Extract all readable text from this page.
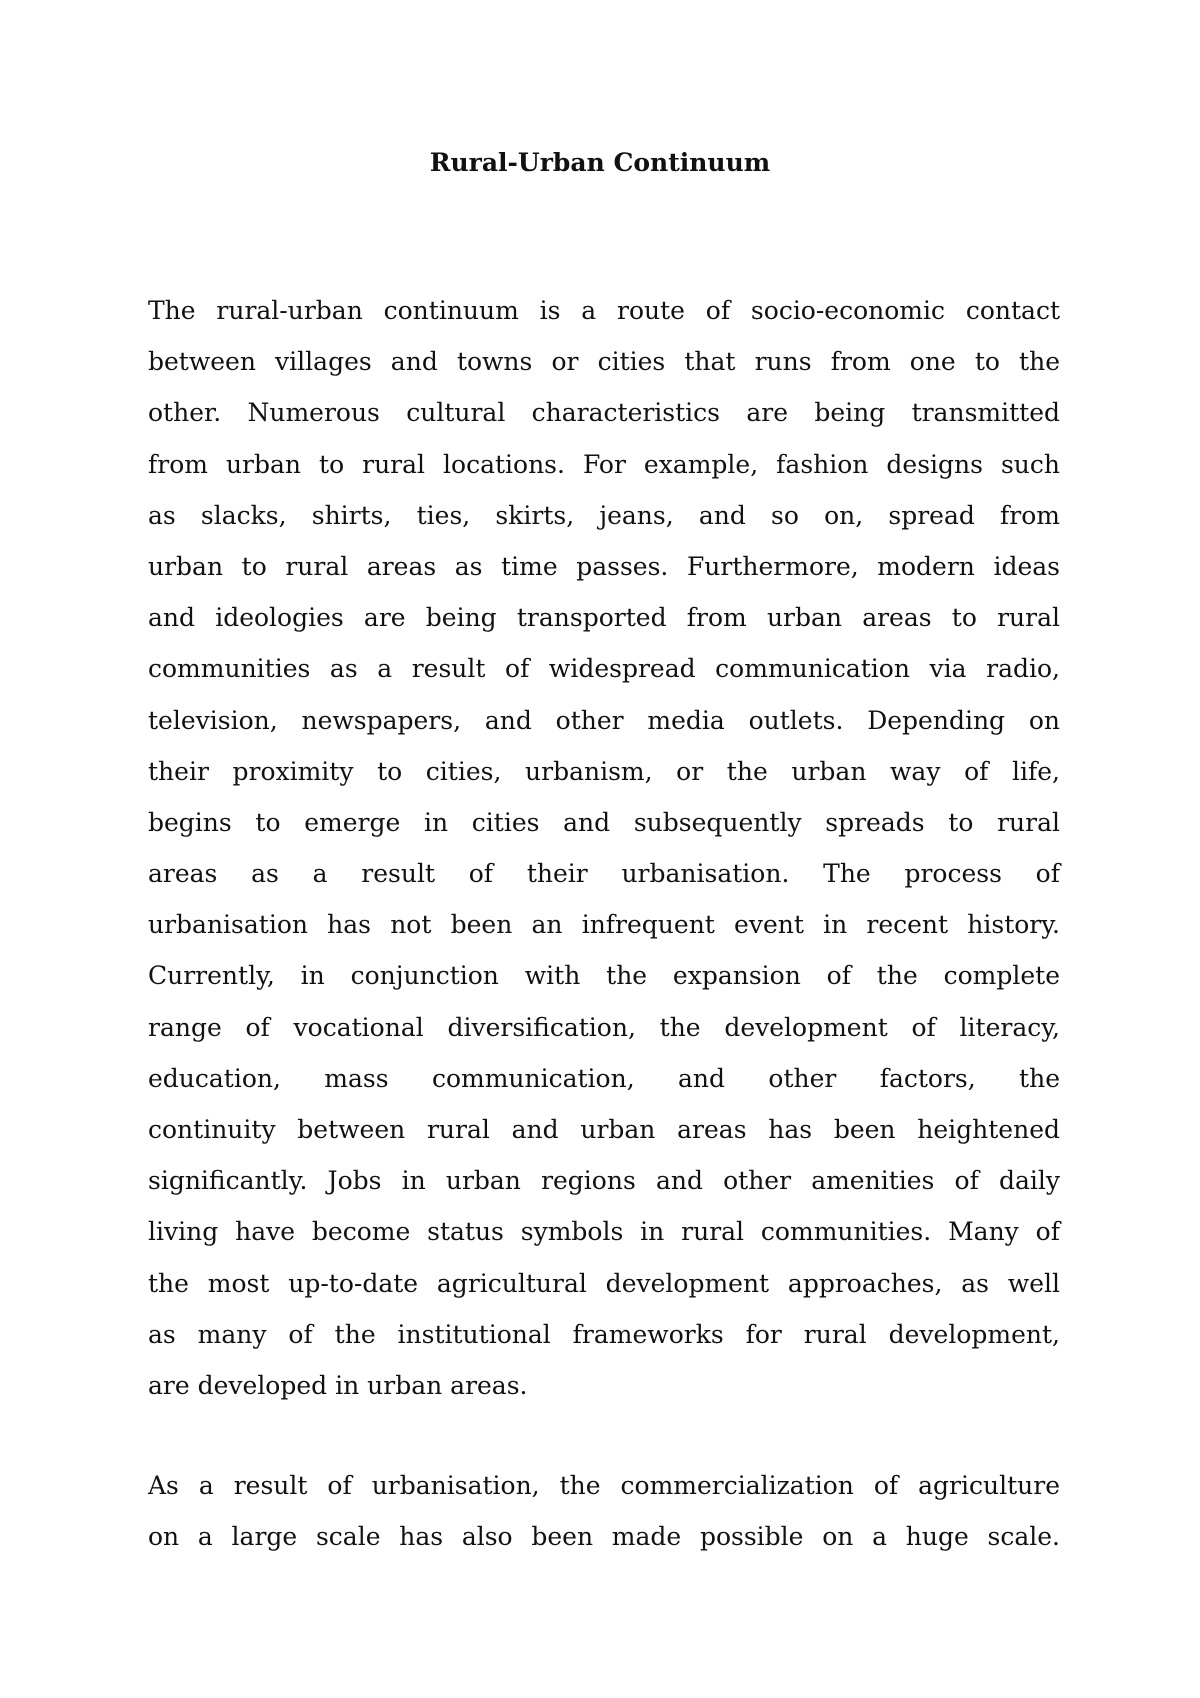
Rural-Urban Continuum

The rural-urban continuum is a route of socio-economic contact
between villages and towns or cities that runs from one to the
other. Numerous cultural characteristics are being transmitted
from urban to rural locations. For example, fashion designs such
as slacks, shirts, ties, skirts, jeans, and so on, spread from
urban to rural areas as time passes. Furthermore, modern ideas
and ideologies are being transported from urban areas to rural
communities as a result of widespread communication via radio,
television, newspapers, and other media outlets. Depending on
their proximity to cities, urbanism, or the urban way of life,
begins to emerge in cities and subsequently spreads to rural
areas as a result of their urbanisation. The process of
urbanisation has not been an infrequent event in recent history.
Currently, in conjunction with the expansion of the complete
range of vocational diversification, the development of literacy,
education, mass communication, and other factors, the
continuity between rural and urban areas has been heightened
significantly. Jobs in urban regions and other amenities of daily
living have become status symbols in rural communities. Many of
the most up-to-date agricultural development approaches, as well
as many of the institutional frameworks for rural development,
are developed in urban areas.

As a result of urbanisation, the commercialization of agriculture
on a large scale has also been made possible on a huge scale.
